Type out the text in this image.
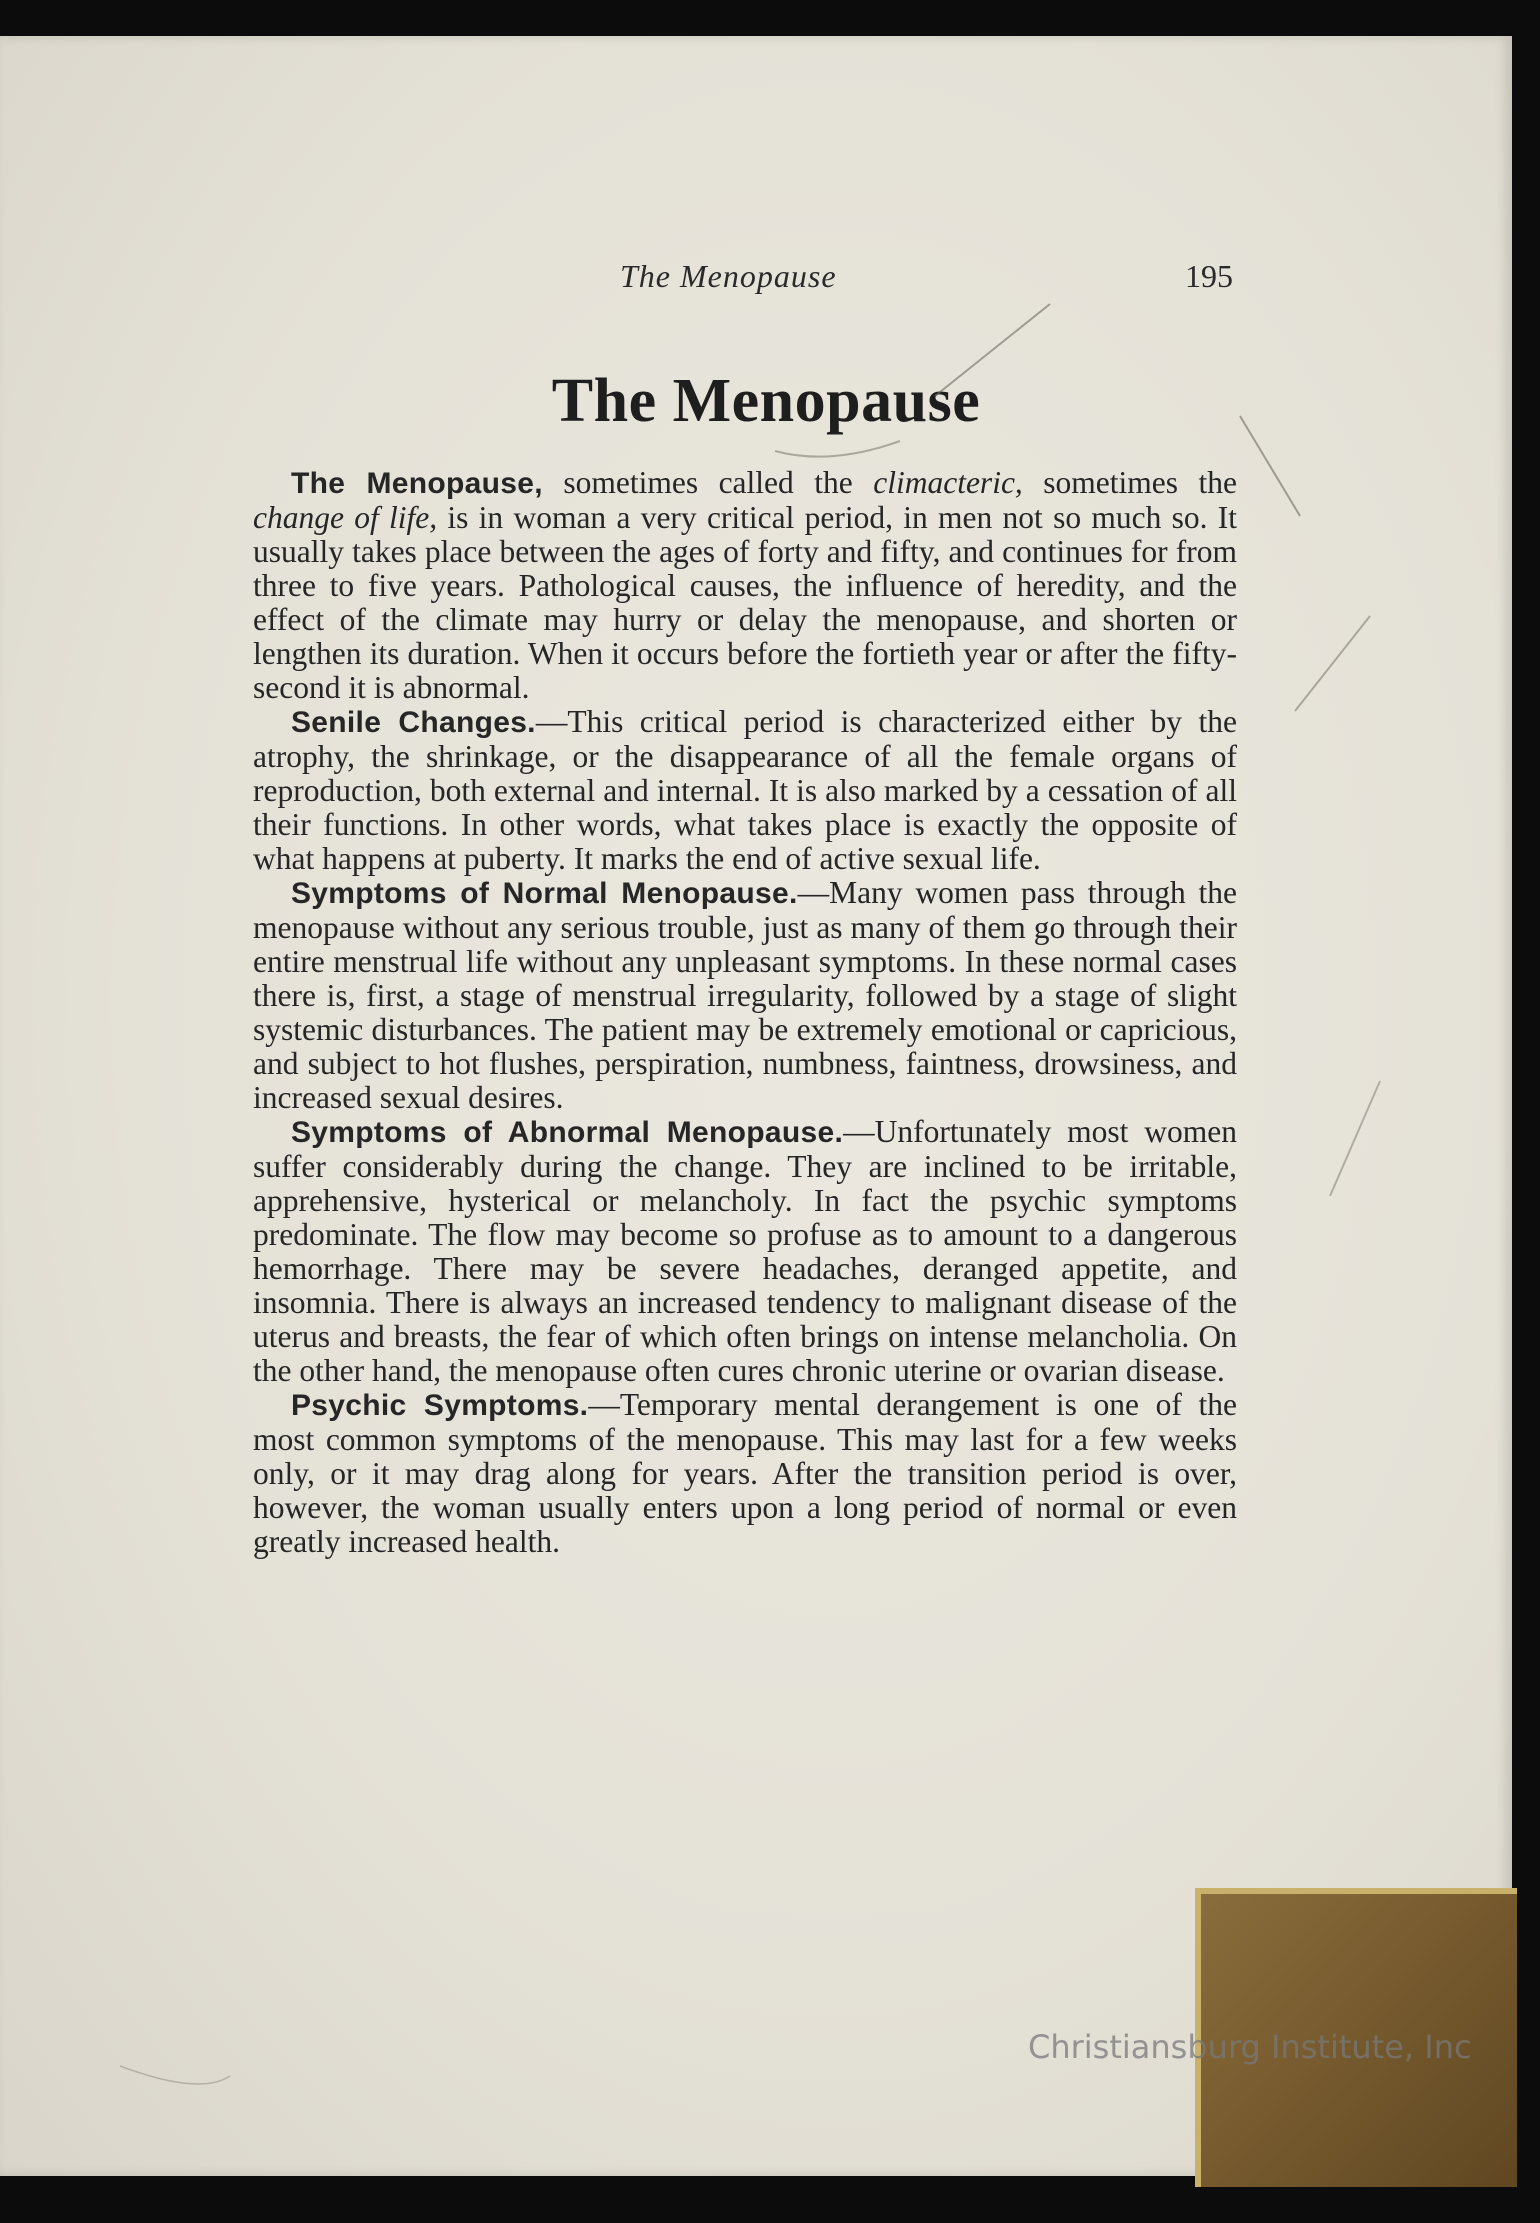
The Menopause	195
The Menopause

The Menopause, sometimes called the climacteric, sometimes the change of life, is in woman a very critical period, in men not so much so. It usually takes place between the ages of forty and fifty, and continues for from three to five years. Pathological causes, the influence of heredity, and the effect of the climate may hurry or delay the menopause, and shorten or lengthen its duration. When it occurs before the fortieth year or after the fifty-second it is abnormal.

Senile Changes.—This critical period is characterized either by the atrophy, the shrinkage, or the disappearance of all the female organs of reproduction, both external and internal. It is also marked by a cessation of all their functions. In other words, what takes place is exactly the opposite of what happens at puberty. It marks the end of active sexual life.

Symptoms of Normal Menopause.—Many women pass through the menopause without any serious trouble, just as many of them go through their entire menstrual life without any unpleasant symptoms. In these normal cases there is, first, a stage of menstrual irregularity, followed by a stage of slight systemic disturbances. The patient may be extremely emotional or capricious, and subject to hot flushes, perspiration, numbness, faintness, drowsiness, and increased sexual desires.

Symptoms of Abnormal Menopause.—Unfortunately most women suffer considerably during the change. They are inclined to be irritable, apprehensive, hysterical or melancholy. In fact the psychic symptoms predominate. The flow may become so profuse as to amount to a dangerous hemorrhage. There may be severe headaches, deranged appetite, and insomnia. There is always an increased tendency to malignant disease of the uterus and breasts, the fear of which often brings on intense melancholia. On the other hand, the menopause often cures chronic uterine or ovarian disease.

Psychic Symptoms.—Temporary mental derangement is one of the most common symptoms of the menopause. This may last for a few weeks only, or it may drag along for years. After the transition period is over, however, the woman usually enters upon a long period of normal or even greatly increased health.

Christiansburg Institute, Inc
